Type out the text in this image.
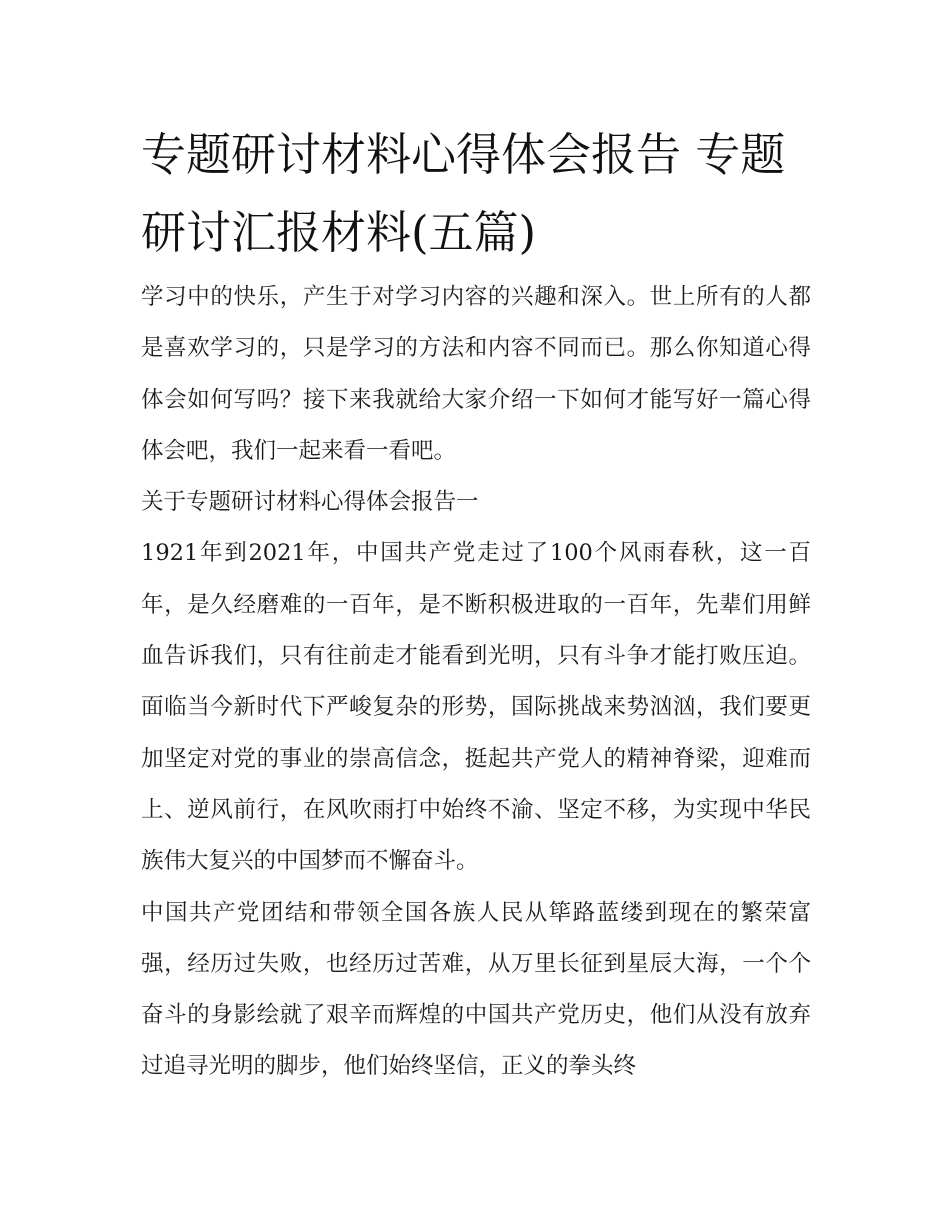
专题研讨材料心得体会报告 专题研讨汇报材料(五篇)

学习中的快乐，产生于对学习内容的兴趣和深入。世上所有的人都是喜欢学习的，只是学习的方法和内容不同而已。那么你知道心得体会如何写吗？接下来我就给大家介绍一下如何才能写好一篇心得体会吧，我们一起来看一看吧。

关于专题研讨材料心得体会报告一

1921年到2021年，中国共产党走过了100个风雨春秋，这一百年，是久经磨难的一百年，是不断积极进取的一百年，先辈们用鲜血告诉我们，只有往前走才能看到光明，只有斗争才能打败压迫。面临当今新时代下严峻复杂的形势，国际挑战来势汹汹，我们要更加坚定对党的事业的崇高信念，挺起共产党人的精神脊梁，迎难而上、逆风前行，在风吹雨打中始终不渝、坚定不移，为实现中华民族伟大复兴的中国梦而不懈奋斗。

中国共产党团结和带领全国各族人民从筚路蓝缕到现在的繁荣富强，经历过失败，也经历过苦难，从万里长征到星辰大海，一个个奋斗的身影绘就了艰辛而辉煌的中国共产党历史，他们从没有放弃过追寻光明的脚步，他们始终坚信，正义的拳头终
